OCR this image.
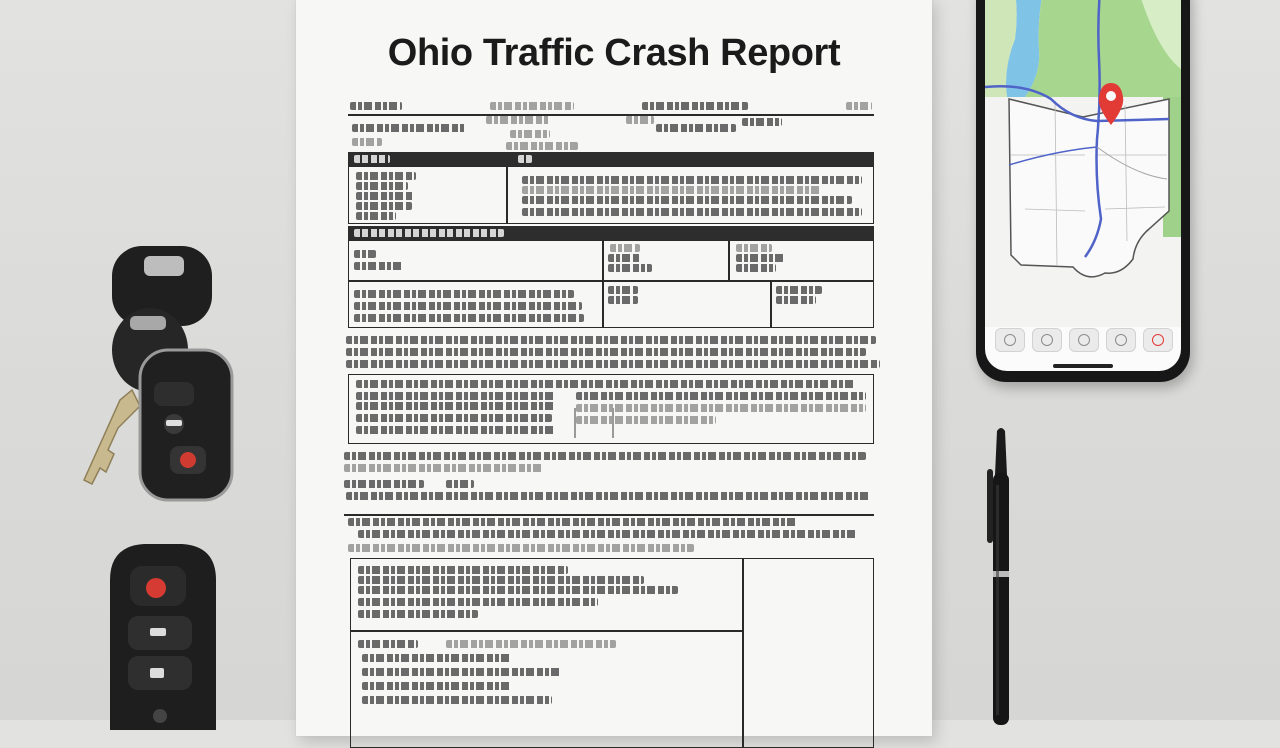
Ohio Traffic Crash Report
